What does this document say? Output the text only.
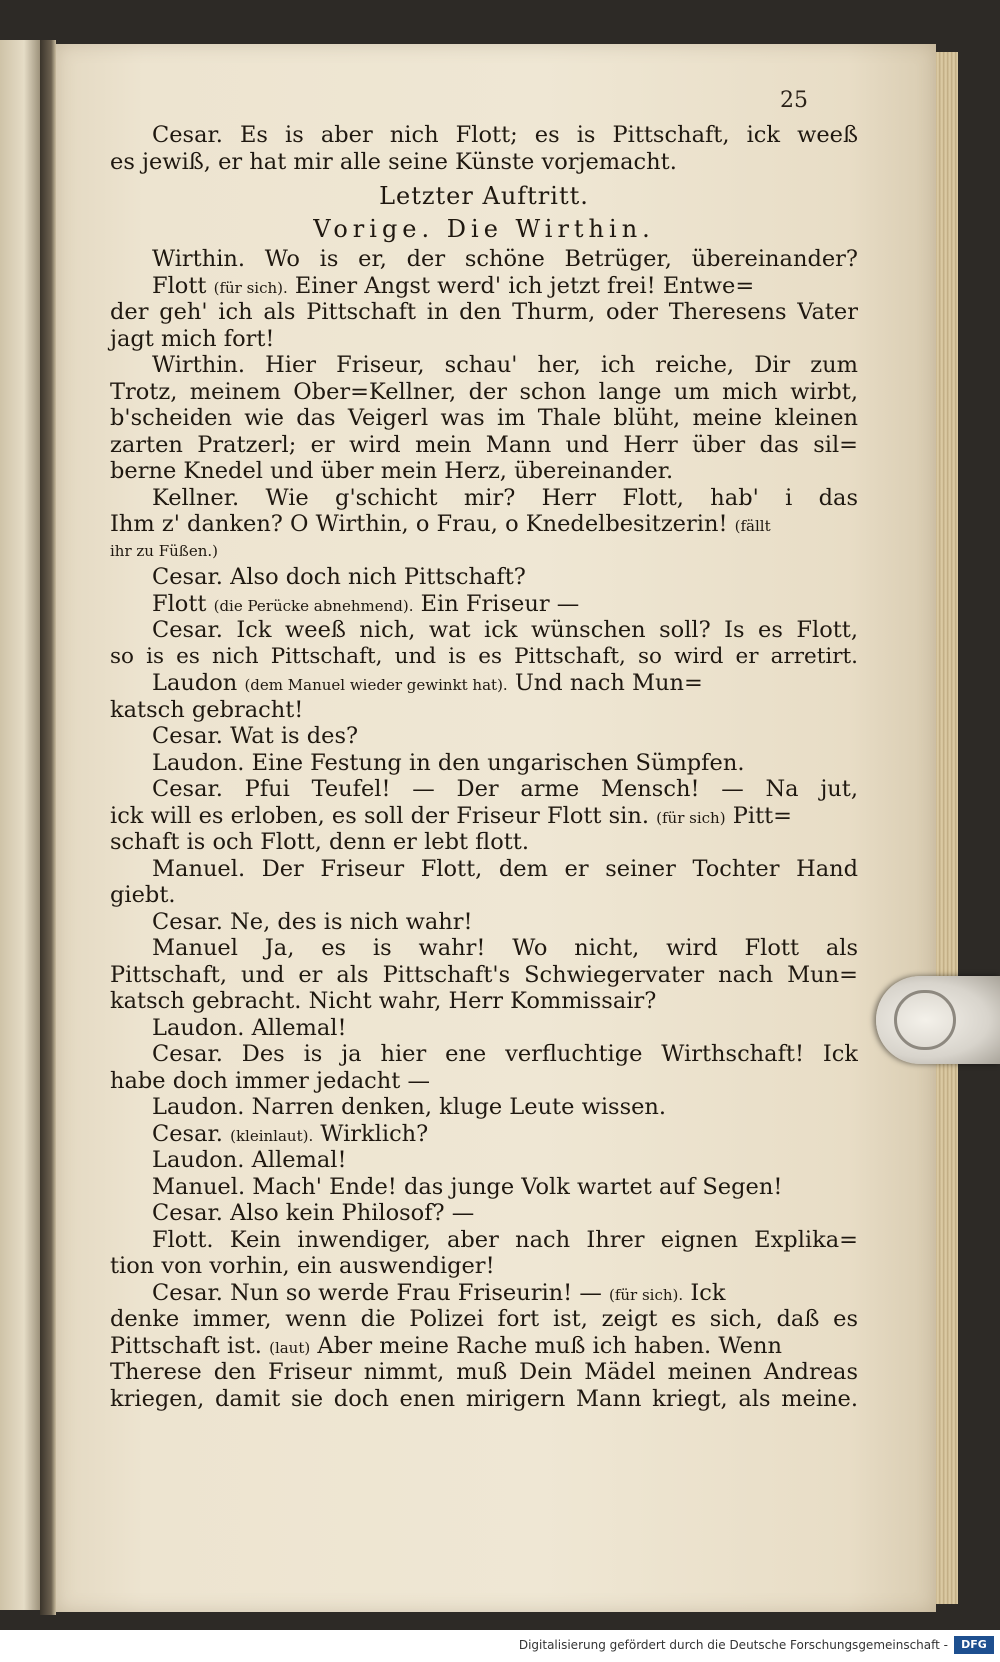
25
Cesar. Es is aber nich Flott; es is Pittschaft, ick weeß
es jewiß, er hat mir alle seine Künste vorjemacht.
Letzter Auftritt.
Vorige. Die Wirthin.
Wirthin. Wo is er, der schöne Betrüger, übereinander?
Flott (für sich). Einer Angst werd' ich jetzt frei! Entwe=
der geh' ich als Pittschaft in den Thurm, oder Theresens Vater
jagt mich fort!
Wirthin. Hier Friseur, schau' her, ich reiche, Dir zum
Trotz, meinem Ober=Kellner, der schon lange um mich wirbt,
b'scheiden wie das Veigerl was im Thale blüht, meine kleinen
zarten Pratzerl; er wird mein Mann und Herr über das sil=
berne Knedel und über mein Herz, übereinander.
Kellner. Wie g'schicht mir? Herr Flott, hab' i das
Ihm z' danken? O Wirthin, o Frau, o Knedelbesitzerin! (fällt
ihr zu Füßen.)
Cesar. Also doch nich Pittschaft?
Flott (die Perücke abnehmend). Ein Friseur —
Cesar. Ick weeß nich, wat ick wünschen soll? Is es Flott,
so is es nich Pittschaft, und is es Pittschaft, so wird er arretirt.
Laudon (dem Manuel wieder gewinkt hat). Und nach Mun=
katsch gebracht!
Cesar. Wat is des?
Laudon. Eine Festung in den ungarischen Sümpfen.
Cesar. Pfui Teufel! — Der arme Mensch! — Na jut,
ick will es erloben, es soll der Friseur Flott sin. (für sich) Pitt=
schaft is och Flott, denn er lebt flott.
Manuel. Der Friseur Flott, dem er seiner Tochter Hand
giebt.
Cesar. Ne, des is nich wahr!
Manuel Ja, es is wahr! Wo nicht, wird Flott als
Pittschaft, und er als Pittschaft's Schwiegervater nach Mun=
katsch gebracht. Nicht wahr, Herr Kommissair?
Laudon. Allemal!
Cesar. Des is ja hier ene verfluchtige Wirthschaft! Ick
habe doch immer jedacht —
Laudon. Narren denken, kluge Leute wissen.
Cesar. (kleinlaut). Wirklich?
Laudon. Allemal!
Manuel. Mach' Ende! das junge Volk wartet auf Segen!
Cesar. Also kein Philosof? —
Flott. Kein inwendiger, aber nach Ihrer eignen Explika=
tion von vorhin, ein auswendiger!
Cesar. Nun so werde Frau Friseurin! — (für sich). Ick
denke immer, wenn die Polizei fort ist, zeigt es sich, daß es
Pittschaft ist. (laut) Aber meine Rache muß ich haben. Wenn
Therese den Friseur nimmt, muß Dein Mädel meinen Andreas
kriegen, damit sie doch enen mirigern Mann kriegt, als meine.
Digitalisierung gefördert durch die Deutsche Forschungsgemeinschaft -	DFG
